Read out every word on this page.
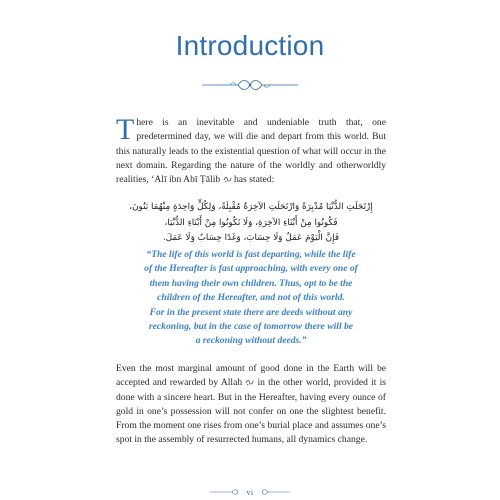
Introduction

There is an inevitable and undeniable truth that, one predetermined day, we will die and depart from this world. But this naturally leads to the existential question of what will occur in the next domain. Regarding the nature of the worldly and otherworldly realities, ‘Alī ibn Abī Ṭālib has stated:

إِرْتَحَلَتِ الدُّنْيَا مُدْبِرَةً وَارْتَحَلَتِ الآخِرَةُ مُقْبِلَةً، وَلِكُلٍّ وَاحِدَةٍ مِنْهُمَا بَنُونَ،
فَكُونُوا مِنْ أَبْنَاءِ الآخِرَةِ، وَلَا تَكُونُوا مِنْ أَبْنَاءِ الدُّنْيَا،
فَإِنَّ الْيَوْمَ عَمَلٌ وَلَا حِسَابَ، وَغَدًا حِسَابٌ وَلَا عَمَلَ.
“The life of this world is fast departing, while the life
of the Hereafter is fast approaching, with every one of
them having their own children. Thus, opt to be the
children of the Hereafter, and not of this world.
For in the present state there are deeds without any
reckoning, but in the case of tomorrow there will be
a reckoning without deeds.”

Even the most marginal amount of good done in the Earth will be accepted and rewarded by Allah in the other world, provided it is done with a sincere heart. But in the Hereafter, having every ounce of gold in one’s possession will not confer on one the slightest benefit. From the moment one rises from one’s burial place and assumes one’s spot in the assembly of resurrected humans, all dynamics change.

vi
